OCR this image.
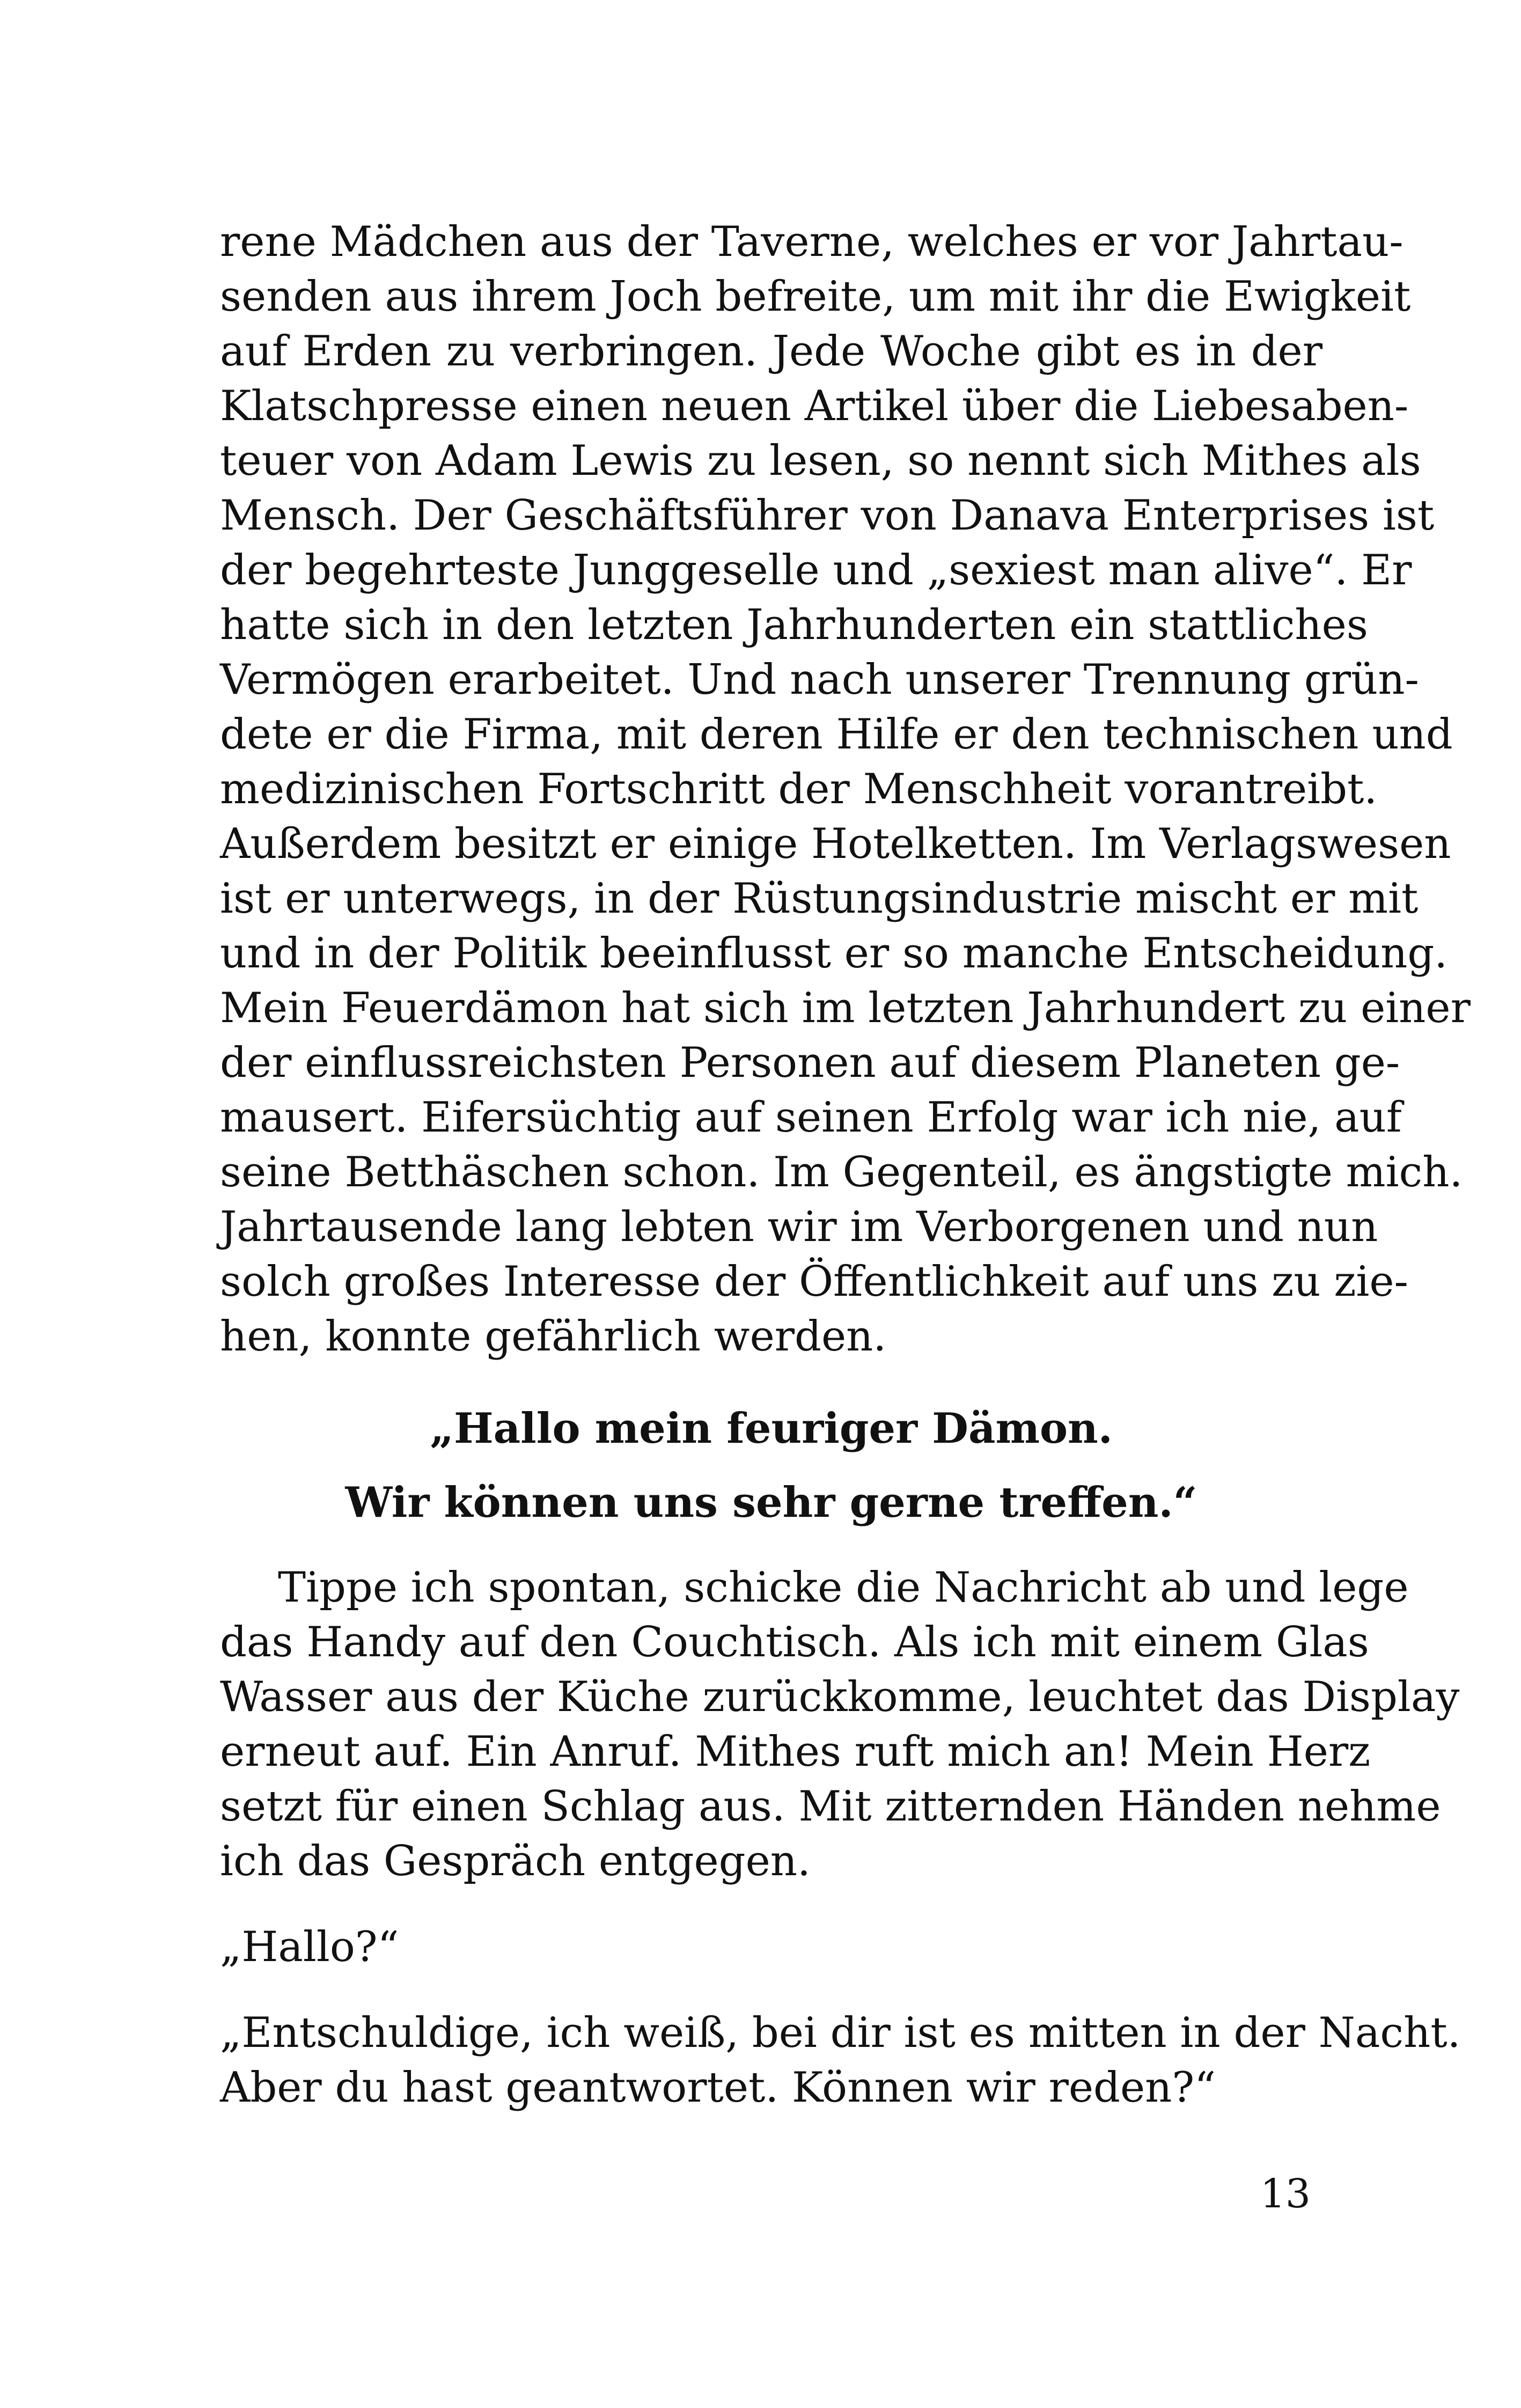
rene Mädchen aus der Taverne, welches er vor Jahrtau-
senden aus ihrem Joch befreite, um mit ihr die Ewigkeit
auf Erden zu verbringen. Jede Woche gibt es in der
Klatschpresse einen neuen Artikel über die Liebesaben-
teuer von Adam Lewis zu lesen, so nennt sich Mithes als
Mensch. Der Geschäftsführer von Danava Enterprises ist
der begehrteste Junggeselle und „sexiest man alive“. Er
hatte sich in den letzten Jahrhunderten ein stattliches
Vermögen erarbeitet. Und nach unserer Trennung grün-
dete er die Firma, mit deren Hilfe er den technischen und
medizinischen Fortschritt der Menschheit vorantreibt.
Außerdem besitzt er einige Hotelketten. Im Verlagswesen
ist er unterwegs, in der Rüstungsindustrie mischt er mit
und in der Politik beeinflusst er so manche Entscheidung.
Mein Feuerdämon hat sich im letzten Jahrhundert zu einer
der einflussreichsten Personen auf diesem Planeten ge-
mausert. Eifersüchtig auf seinen Erfolg war ich nie, auf
seine Betthäschen schon. Im Gegenteil, es ängstigte mich.
Jahrtausende lang lebten wir im Verborgenen und nun
solch großes Interesse der Öffentlichkeit auf uns zu zie-
hen, konnte gefährlich werden.
„Hallo mein feuriger Dämon.
Wir können uns sehr gerne treffen.“
Tippe ich spontan, schicke die Nachricht ab und lege
das Handy auf den Couchtisch. Als ich mit einem Glas
Wasser aus der Küche zurückkomme, leuchtet das Display
erneut auf. Ein Anruf. Mithes ruft mich an! Mein Herz
setzt für einen Schlag aus. Mit zitternden Händen nehme
ich das Gespräch entgegen.
„Hallo?“
„Entschuldige, ich weiß, bei dir ist es mitten in der Nacht.
Aber du hast geantwortet. Können wir reden?“
13
